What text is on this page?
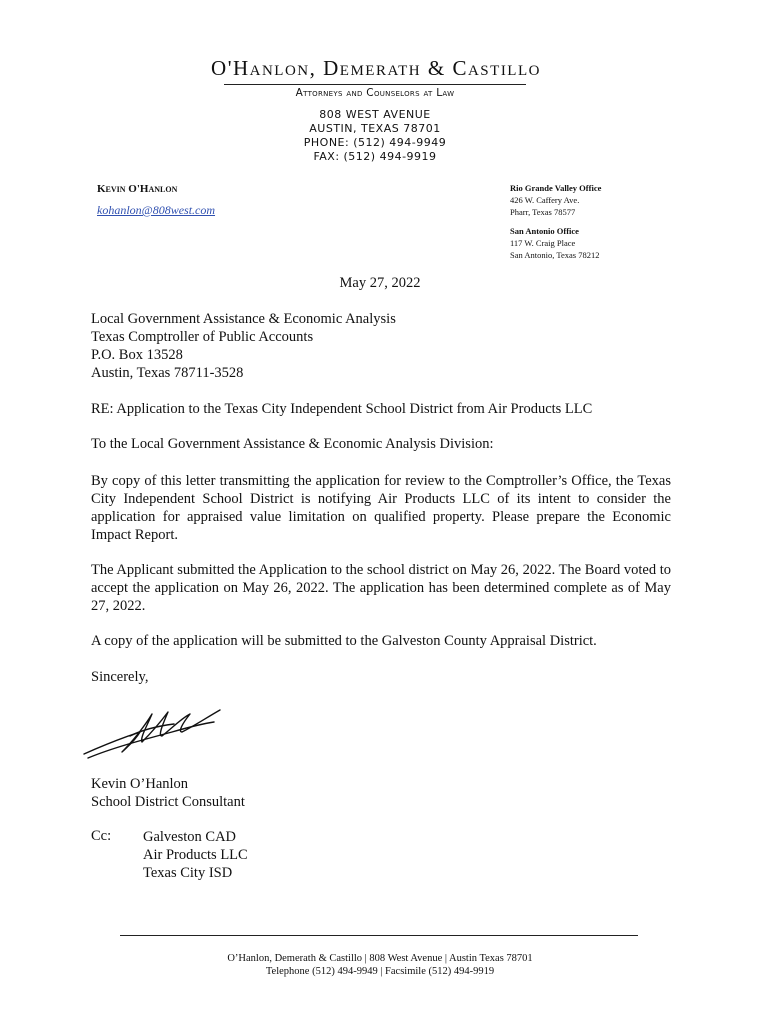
O'Hanlon, Demerath & Castillo
Attorneys and Counselors at Law
808 WEST AVENUE
AUSTIN, TEXAS 78701
PHONE: (512) 494-9949
FAX: (512) 494-9919
Kevin O'Hanlon
kohanlon@808west.com
Rio Grande Valley Office
426 W. Caffery Ave.
Pharr, Texas 78577
San Antonio Office
117 W. Craig Place
San Antonio, Texas 78212
May 27, 2022
Local Government Assistance & Economic Analysis
Texas Comptroller of Public Accounts
P.O. Box 13528
Austin, Texas 78711-3528
RE: Application to the Texas City Independent School District from Air Products LLC
To the Local Government Assistance & Economic Analysis Division:
By copy of this letter transmitting the application for review to the Comptroller’s Office, the Texas City Independent School District is notifying Air Products LLC of its intent to consider the application for appraised value limitation on qualified property. Please prepare the Economic Impact Report.
The Applicant submitted the Application to the school district on May 26, 2022. The Board voted to accept the application on May 26, 2022. The application has been determined complete as of May 27, 2022.
A copy of the application will be submitted to the Galveston County Appraisal District.
Sincerely,
Kevin O’Hanlon
School District Consultant
Cc: Galveston CAD
Air Products LLC
Texas City ISD
O’Hanlon, Demerath & Castillo | 808 West Avenue | Austin Texas 78701
Telephone (512) 494-9949 | Facsimile (512) 494-9919
